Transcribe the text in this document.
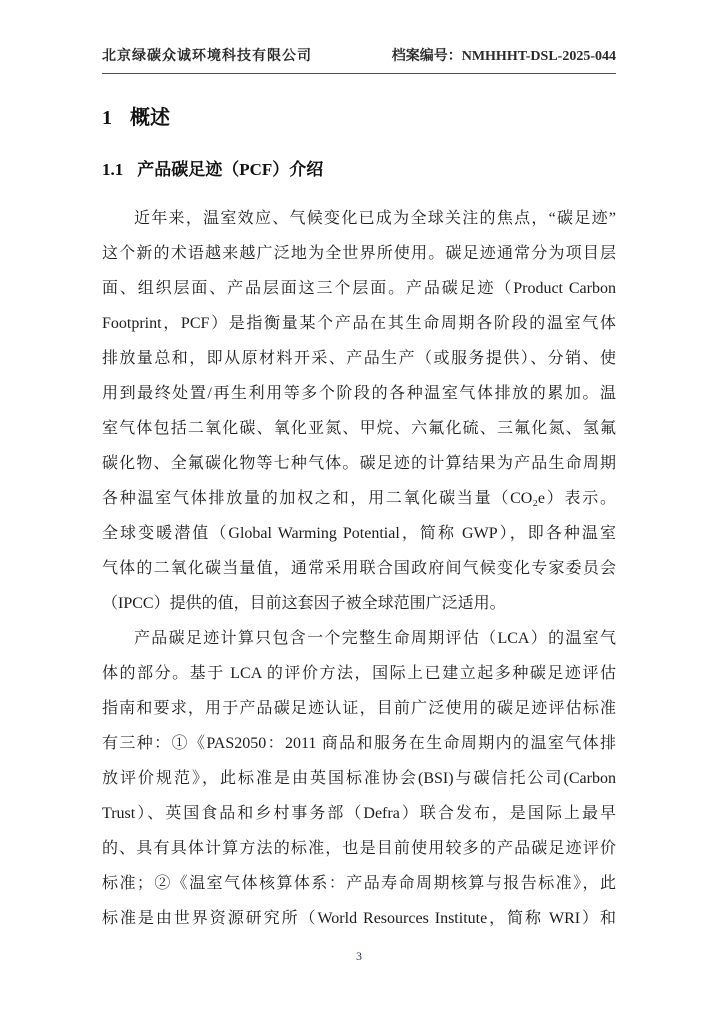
北京绿碳众诚环境科技有限公司	档案编号：NMHHHT-DSL-2025-044
1 概述
1.1 产品碳足迹（PCF）介绍
近年来，温室效应、气候变化已成为全球关注的焦点，“碳足迹”
这个新的术语越来越广泛地为全世界所使用。碳足迹通常分为项目层
面、组织层面、产品层面这三个层面。产品碳足迹（Product Carbon
Footprint，PCF）是指衡量某个产品在其生命周期各阶段的温室气体
排放量总和，即从原材料开采、产品生产（或服务提供）、分销、使
用到最终处置/再生利用等多个阶段的各种温室气体排放的累加。温
室气体包括二氧化碳、氧化亚氮、甲烷、六氟化硫、三氟化氮、氢氟
碳化物、全氟碳化物等七种气体。碳足迹的计算结果为产品生命周期
各种温室气体排放量的加权之和，用二氧化碳当量（CO₂e）表示。
全球变暖潜值（Global Warming Potential，简称 GWP），即各种温室
气体的二氧化碳当量值，通常采用联合国政府间气候变化专家委员会
（IPCC）提供的值，目前这套因子被全球范围广泛适用。
产品碳足迹计算只包含一个完整生命周期评估（LCA）的温室气
体的部分。基于 LCA 的评价方法，国际上已建立起多种碳足迹评估
指南和要求，用于产品碳足迹认证，目前广泛使用的碳足迹评估标准
有三种：①《PAS2050：2011 商品和服务在生命周期内的温室气体排
放评价规范》，此标准是由英国标准协会(BSI)与碳信托公司(Carbon
Trust）、英国食品和乡村事务部（Defra）联合发布，是国际上最早
的、具有具体计算方法的标准，也是目前使用较多的产品碳足迹评价
标准；②《温室气体核算体系：产品寿命周期核算与报告标准》，此
标准是由世界资源研究所（World Resources Institute，简称 WRI）和
3
